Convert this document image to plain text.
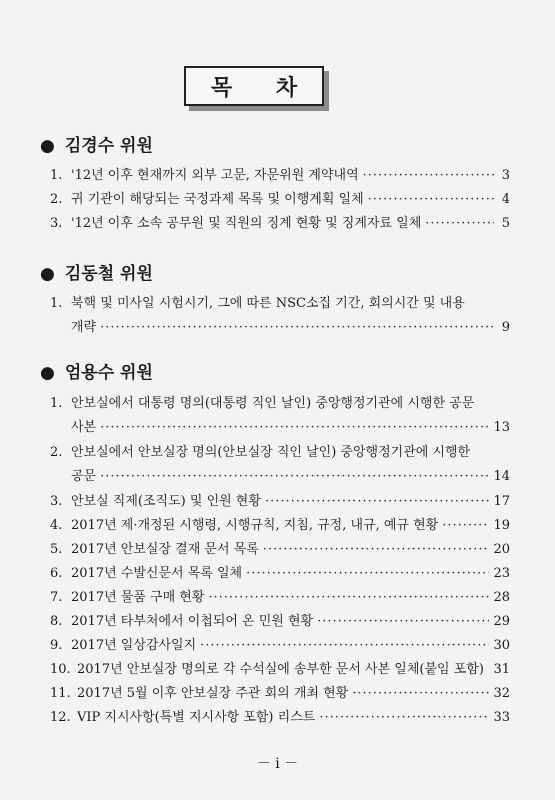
목 차
● 김경수 위원
1. '12년 이후 현재까지 외부 고문, 자문위원 계약내역 ·····	3
2. 귀 기관이 해당되는 국정과제 목록 및 이행계획 일체 ·····	4
3. '12년 이후 소속 공무원 및 직원의 징계 현황 및 징계자료 일체 ·····	5
● 김동철 위원
1. 북핵 및 미사일 시험시기, 그에 따른 NSC소집 기간, 회의시간 및 내용
개략 ·····	9
● 엄용수 위원
1. 안보실에서 대통령 명의(대통령 직인 날인) 중앙행정기관에 시행한 공문
사본 ·····	13
2. 안보실에서 안보실장 명의(안보실장 직인 날인) 중앙행정기관에 시행한
공문 ·····	14
3. 안보실 직제(조직도) 및 인원 현황 ·····	17
4. 2017년 제·개정된 시행령, 시행규칙, 지침, 규정, 내규, 예규 현황 ·····	19
5. 2017년 안보실장 결재 문서 목록 ·····	20
6. 2017년 수발신문서 목록 일체 ·····	23
7. 2017년 물품 구매 현황 ·····	28
8. 2017년 타부처에서 이첩되어 온 민원 현황 ·····	29
9. 2017년 일상감사일지 ·····	30
10. 2017년 안보실장 명의로 각 수석실에 송부한 문서 사본 일체(붙임 포함) ····· 31
11. 2017년 5월 이후 안보실장 주관 회의 개최 현황 ·····	32
12. VIP 지시사항(특별 지시사항 포함) 리스트 ·····	33
－ i －
